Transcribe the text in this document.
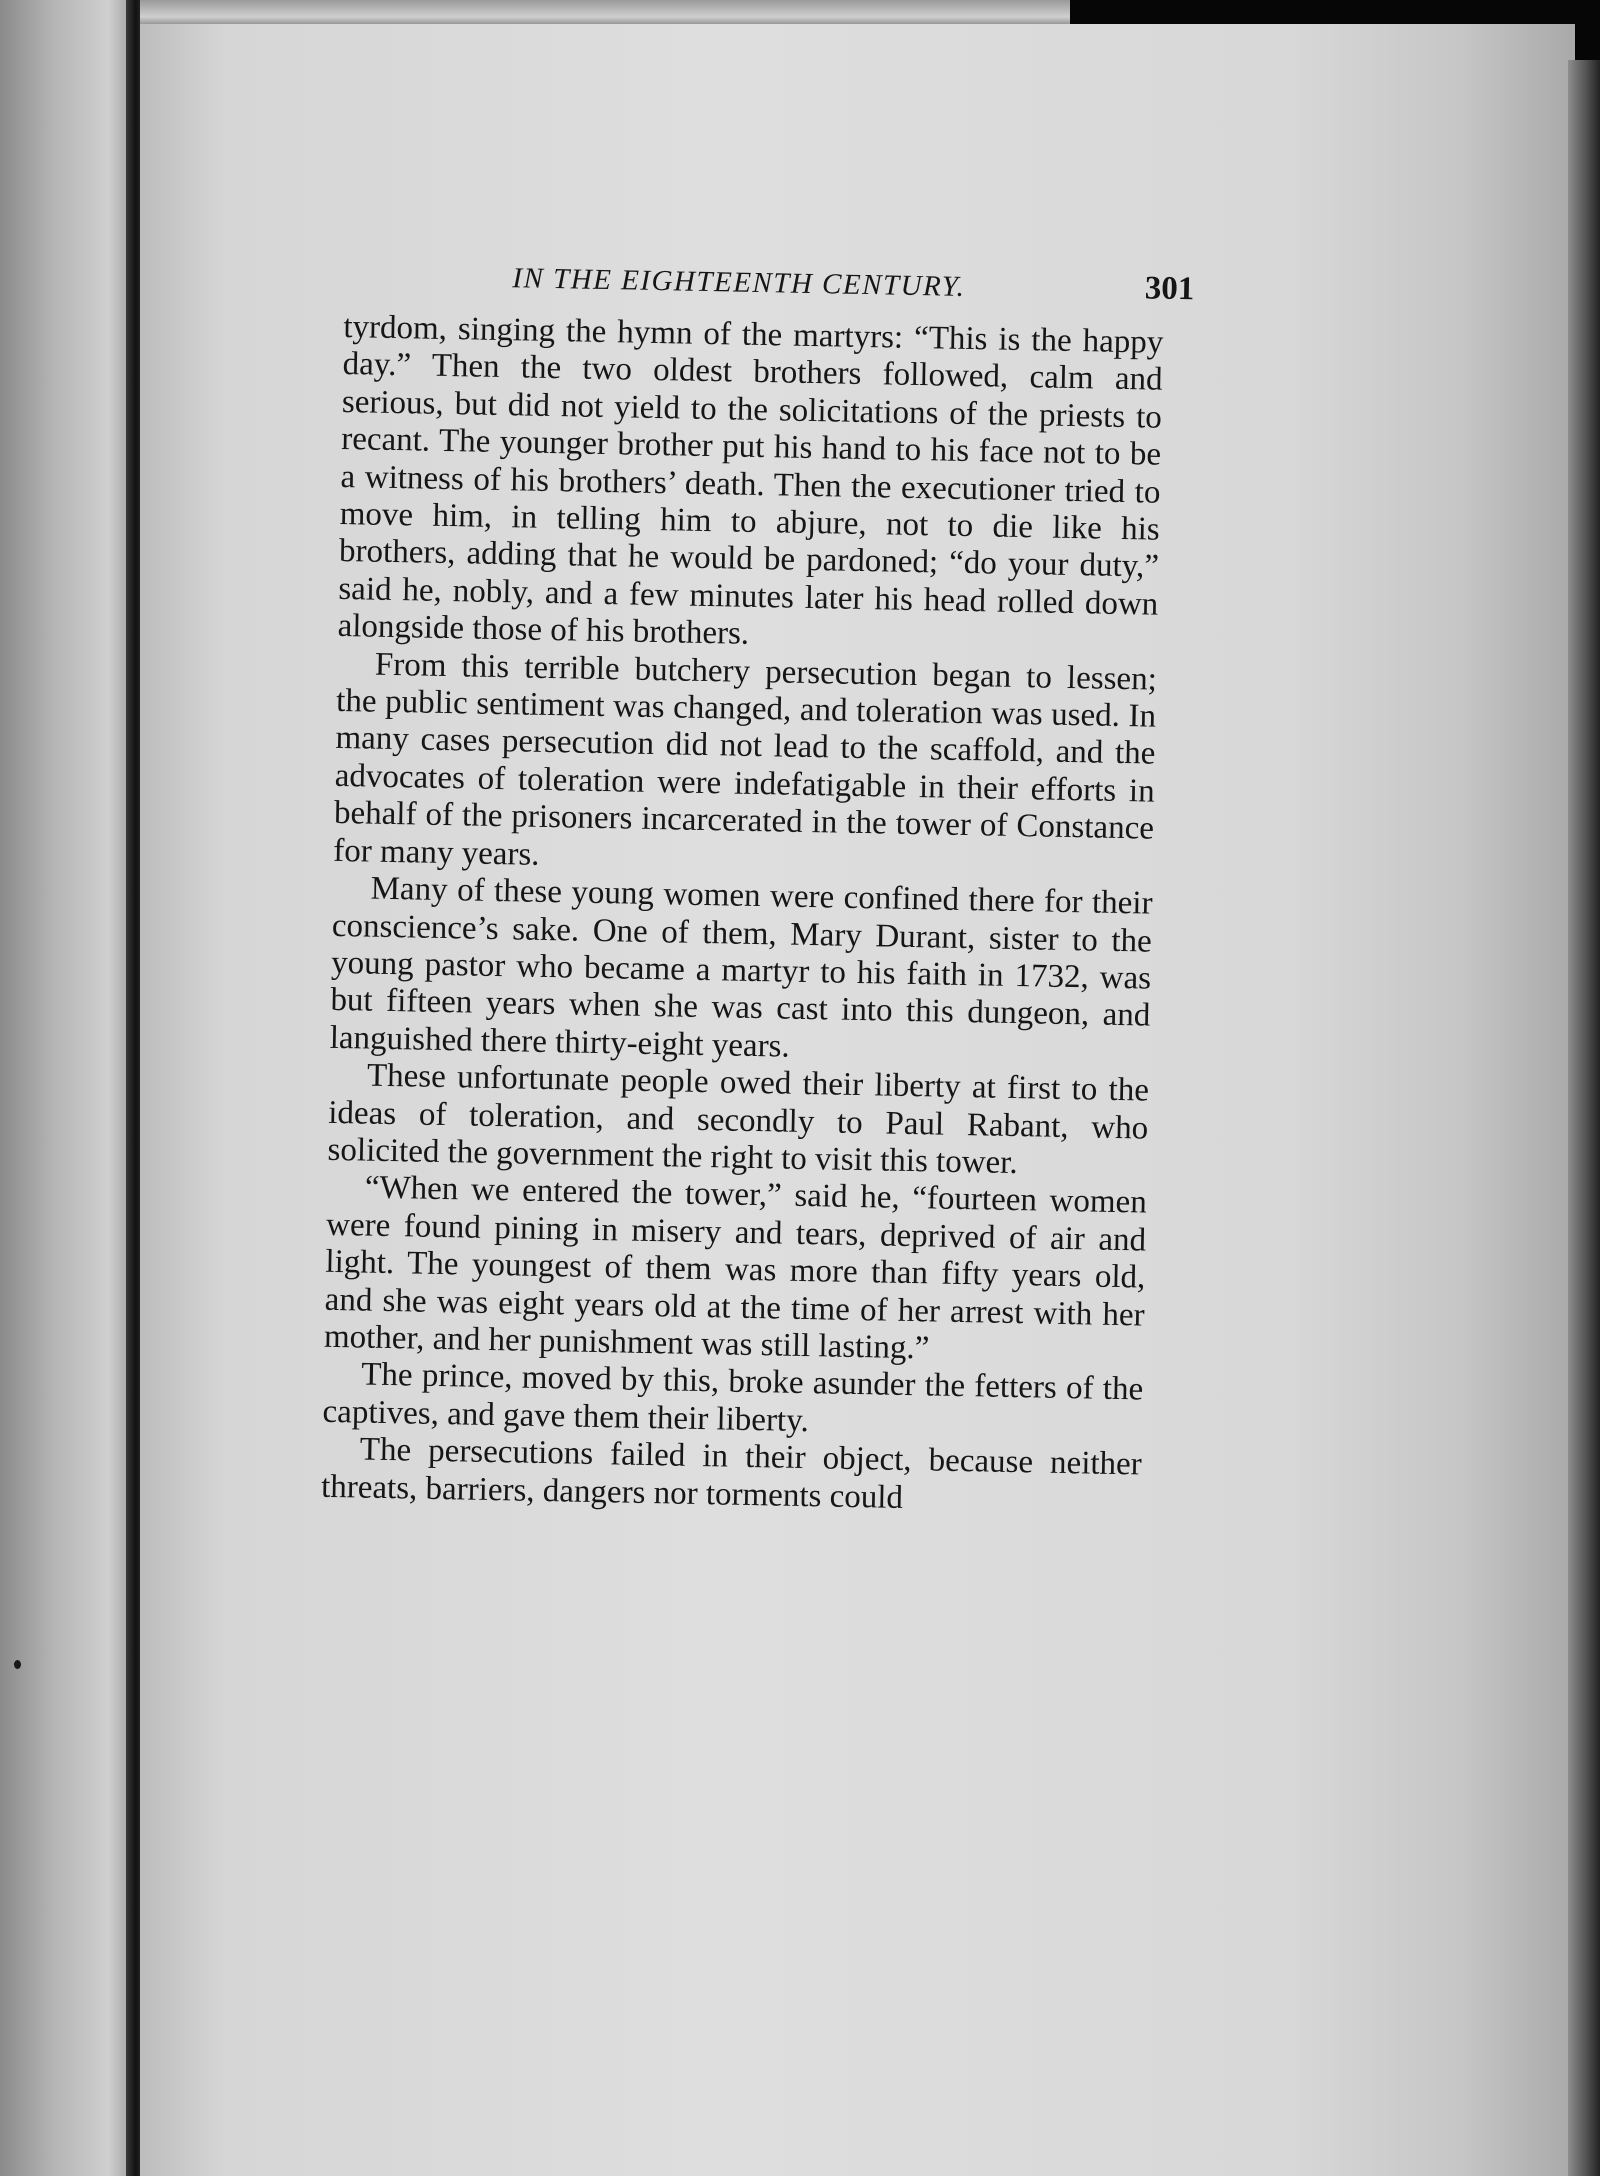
IN THE EIGHTEENTH CENTURY.	301

tyrdom, singing the hymn of the martyrs: “This is the happy day.” Then the two oldest brothers followed, calm and serious, but did not yield to the solicitations of the priests to recant. The younger brother put his hand to his face not to be a witness of his brothers’ death. Then the executioner tried to move him, in telling him to abjure, not to die like his brothers, adding that he would be pardoned; “do your duty,” said he, nobly, and a few minutes later his head rolled down alongside those of his brothers.

From this terrible butchery persecution began to lessen; the public sentiment was changed, and toleration was used. In many cases persecution did not lead to the scaffold, and the advocates of toleration were indefatigable in their efforts in behalf of the prisoners incarcerated in the tower of Constance for many years.

Many of these young women were confined there for their conscience’s sake. One of them, Mary Durant, sister to the young pastor who became a martyr to his faith in 1732, was but fifteen years when she was cast into this dungeon, and languished there thirty-eight years.

These unfortunate people owed their liberty at first to the ideas of toleration, and secondly to Paul Rabant, who solicited the government the right to visit this tower.

“When we entered the tower,” said he, “fourteen women were found pining in misery and tears, deprived of air and light. The youngest of them was more than fifty years old, and she was eight years old at the time of her arrest with her mother, and her punishment was still lasting.”

The prince, moved by this, broke asunder the fetters of the captives, and gave them their liberty.

The persecutions failed in their object, because neither threats, barriers, dangers nor torments could
